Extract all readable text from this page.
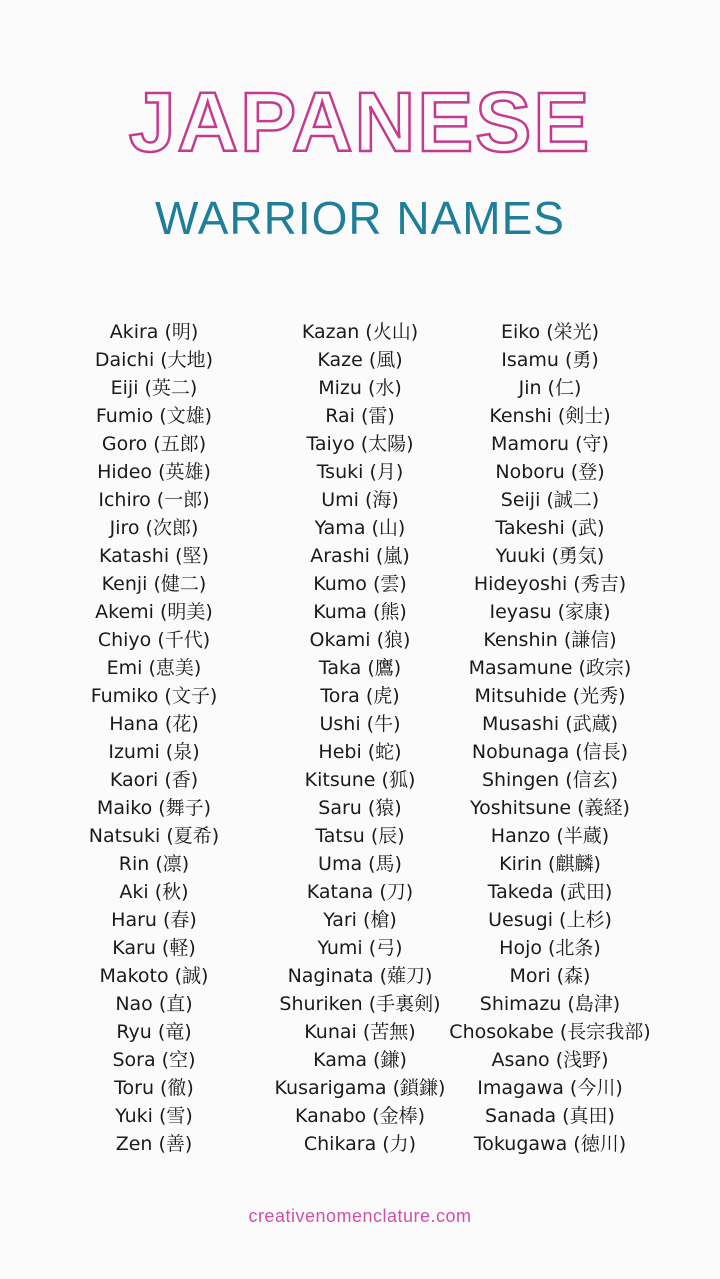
JAPANESE
WARRIOR NAMES
Akira (明)
Daichi (大地)
Eiji (英二)
Fumio (文雄)
Goro (五郎)
Hideo (英雄)
Ichiro (一郎)
Jiro (次郎)
Katashi (堅)
Kenji (健二)
Akemi (明美)
Chiyo (千代)
Emi (恵美)
Fumiko (文子)
Hana (花)
Izumi (泉)
Kaori (香)
Maiko (舞子)
Natsuki (夏希)
Rin (凛)
Aki (秋)
Haru (春)
Karu (軽)
Makoto (誠)
Nao (直)
Ryu (竜)
Sora (空)
Toru (徹)
Yuki (雪)
Zen (善)
Kazan (火山)
Kaze (風)
Mizu (水)
Rai (雷)
Taiyo (太陽)
Tsuki (月)
Umi (海)
Yama (山)
Arashi (嵐)
Kumo (雲)
Kuma (熊)
Okami (狼)
Taka (鷹)
Tora (虎)
Ushi (牛)
Hebi (蛇)
Kitsune (狐)
Saru (猿)
Tatsu (辰)
Uma (馬)
Katana (刀)
Yari (槍)
Yumi (弓)
Naginata (薙刀)
Shuriken (手裏剣)
Kunai (苦無)
Kama (鎌)
Kusarigama (鎖鎌)
Kanabo (金棒)
Chikara (力)
Eiko (栄光)
Isamu (勇)
Jin (仁)
Kenshi (剣士)
Mamoru (守)
Noboru (登)
Seiji (誠二)
Takeshi (武)
Yuuki (勇気)
Hideyoshi (秀吉)
Ieyasu (家康)
Kenshin (謙信)
Masamune (政宗)
Mitsuhide (光秀)
Musashi (武蔵)
Nobunaga (信長)
Shingen (信玄)
Yoshitsune (義経)
Hanzo (半蔵)
Kirin (麒麟)
Takeda (武田)
Uesugi (上杉)
Hojo (北条)
Mori (森)
Shimazu (島津)
Chosokabe (長宗我部)
Asano (浅野)
Imagawa (今川)
Sanada (真田)
Tokugawa (徳川)
creativenomenclature.com
